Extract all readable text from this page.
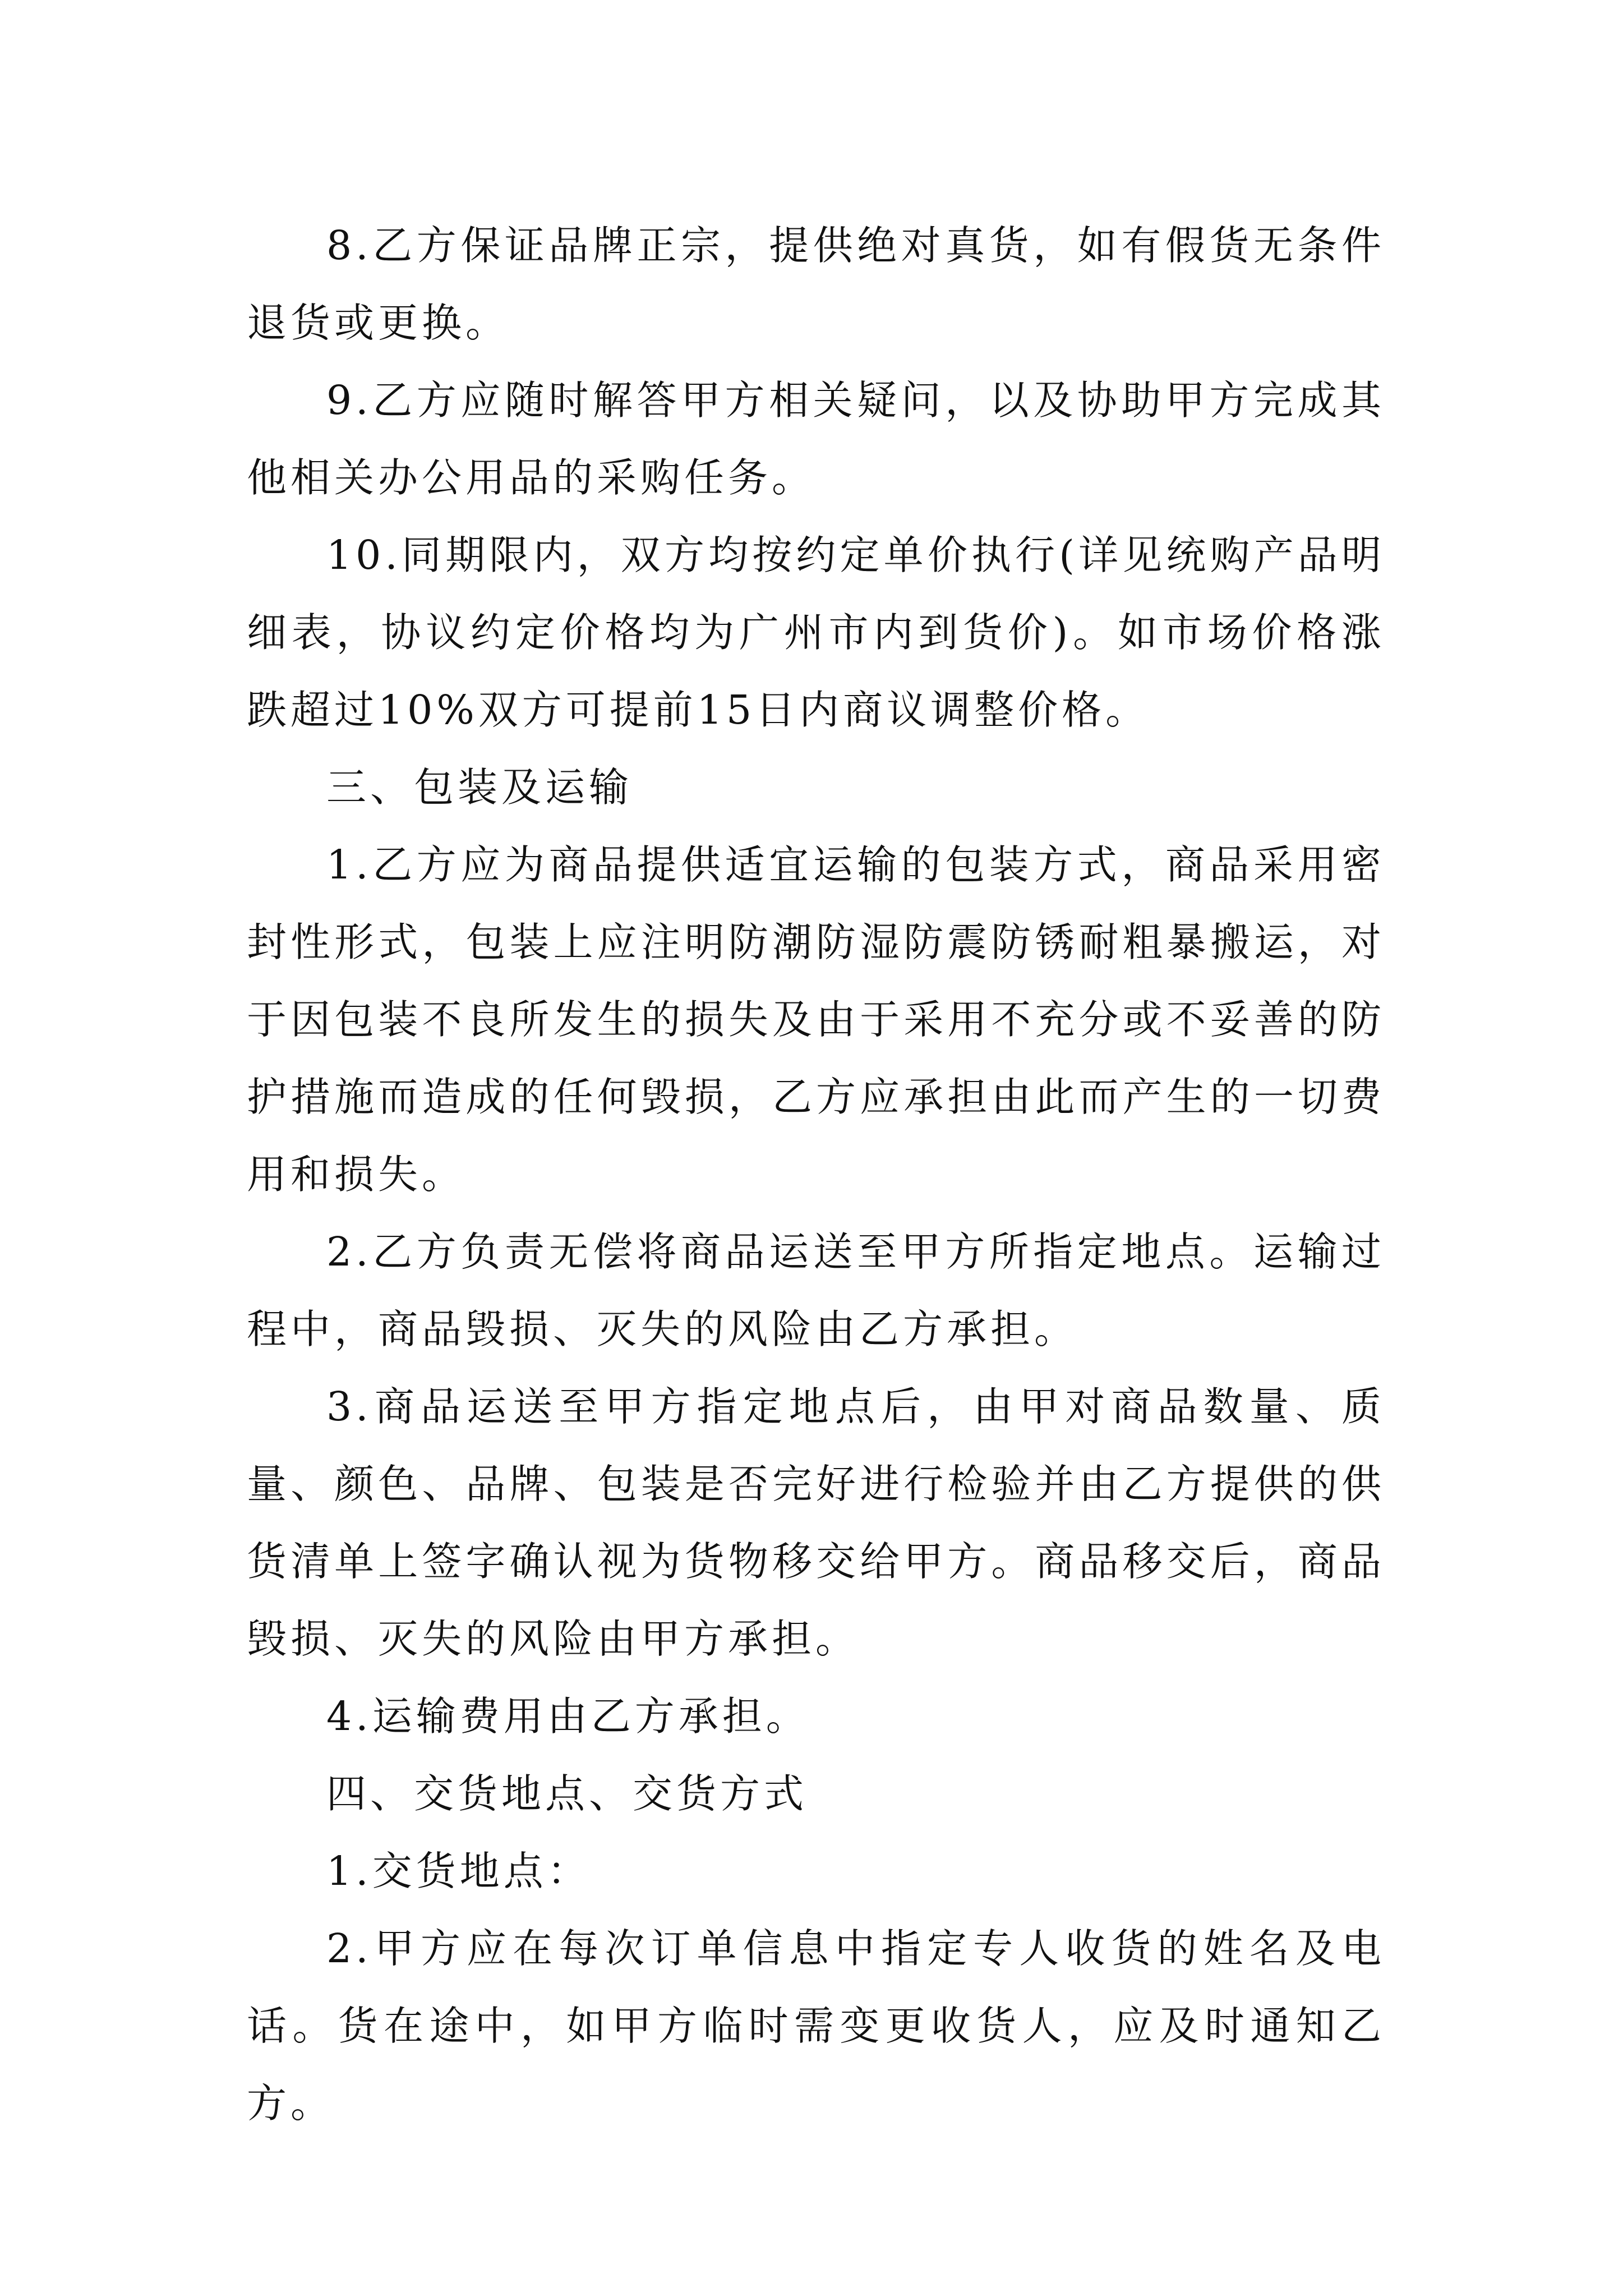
8.乙方保证品牌正宗，提供绝对真货，如有假货无条件退货或更换。

9.乙方应随时解答甲方相关疑问，以及协助甲方完成其他相关办公用品的采购任务。

10.同期限内，双方均按约定单价执行(详见统购产品明细表，协议约定价格均为广州市内到货价)。如市场价格涨跌超过10%双方可提前15日内商议调整价格。

三、包装及运输

1.乙方应为商品提供适宜运输的包装方式，商品采用密封性形式，包装上应注明防潮防湿防震防锈耐粗暴搬运，对于因包装不良所发生的损失及由于采用不充分或不妥善的防护措施而造成的任何毁损，乙方应承担由此而产生的一切费用和损失。

2.乙方负责无偿将商品运送至甲方所指定地点。运输过程中，商品毁损、灭失的风险由乙方承担。

3.商品运送至甲方指定地点后，由甲对商品数量、质量、颜色、品牌、包装是否完好进行检验并由乙方提供的供货清单上签字确认视为货物移交给甲方。商品移交后，商品毁损、灭失的风险由甲方承担。

4.运输费用由乙方承担。

四、交货地点、交货方式

1.交货地点：

2.甲方应在每次订单信息中指定专人收货的姓名及电话。货在途中，如甲方临时需变更收货人，应及时通知乙方。
